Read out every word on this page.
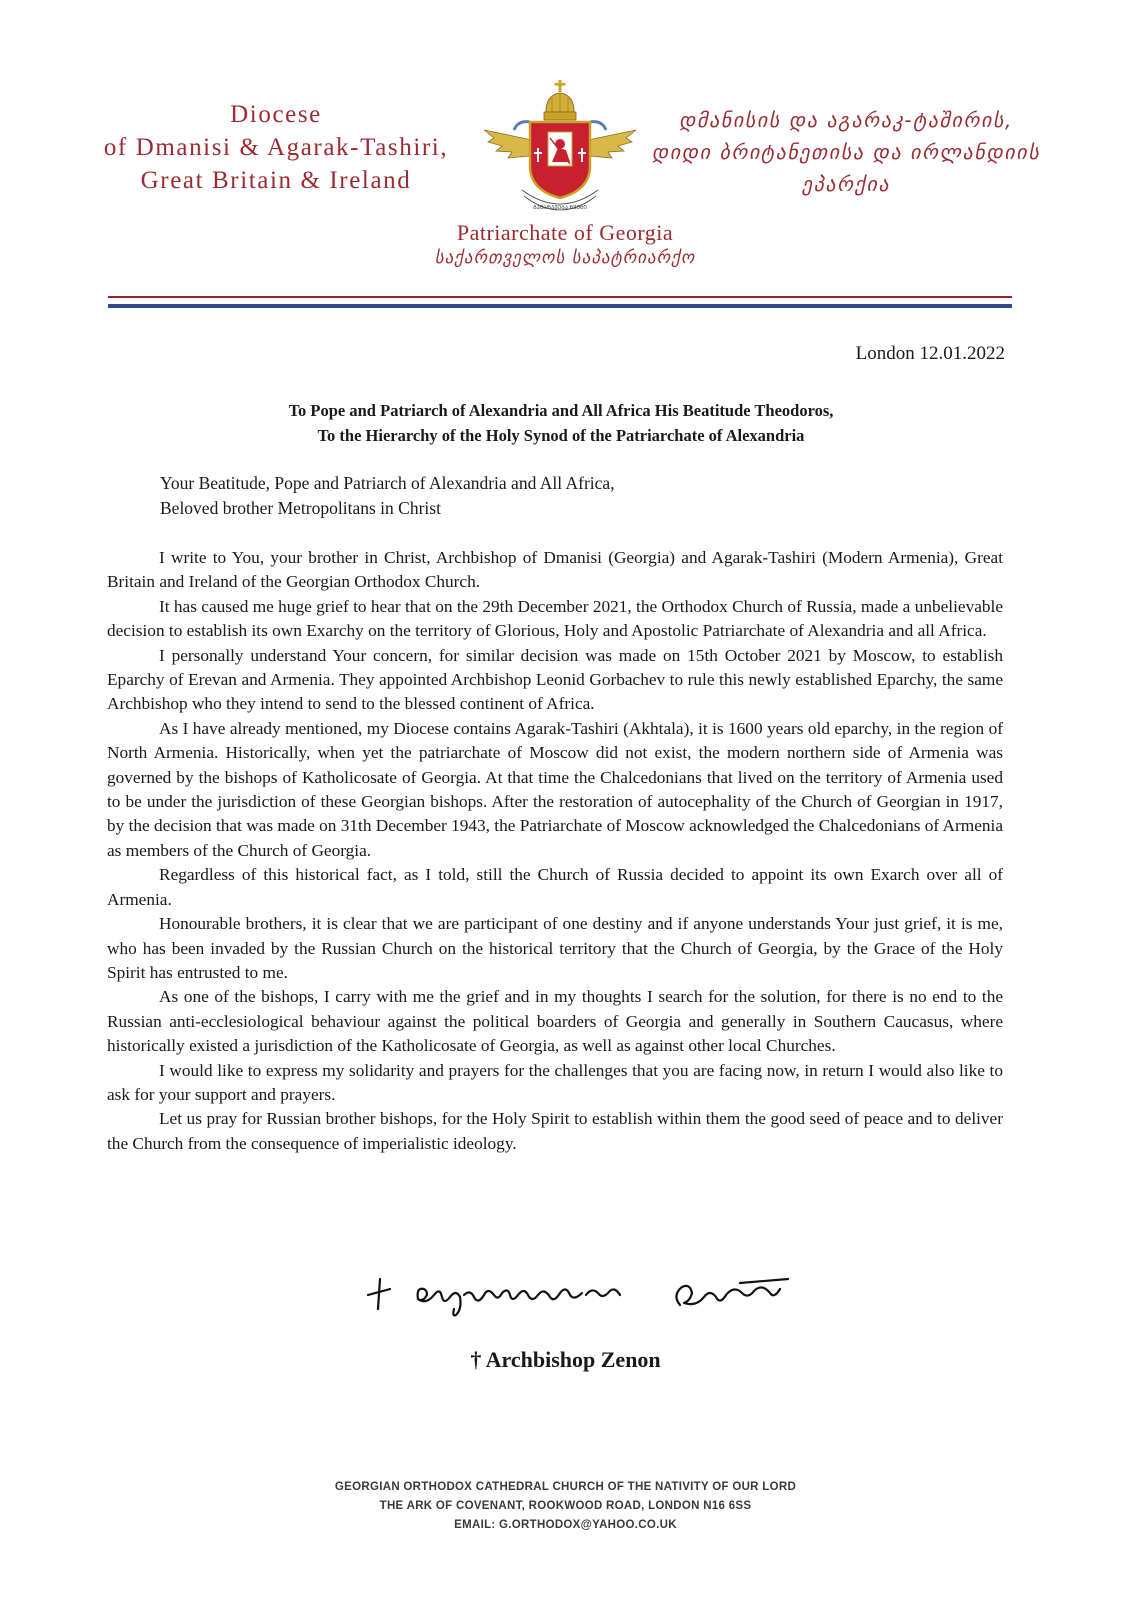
Diocese
of Dmanisi & Agarak-Tashiri,
Great Britain & Ireland
ᲒᲐᲛᲐᲠᲯᲕᲔᲑᲐ ᲩᲕᲔᲜᲘ
დმანისის და აგარაკ-ტაშირის,
დიდი ბრიტანეთისა და ირლანდიის
ეპარქია
Patriarchate of Georgia
საქართველოს საპატრიარქო
London 12.01.2022
To Pope and Patriarch of Alexandria and All Africa His Beatitude Theodoros,
To the Hierarchy of the Holy Synod of the Patriarchate of Alexandria
Your Beatitude, Pope and Patriarch of Alexandria and All Africa,
Beloved brother Metropolitans in Christ

I write to You, your brother in Christ, Archbishop of Dmanisi (Georgia) and Agarak-Tashiri (Modern Armenia), Great Britain and Ireland of the Georgian Orthodox Church.

It has caused me huge grief to hear that on the 29th December 2021, the Orthodox Church of Russia, made a unbelievable decision to establish its own Exarchy on the territory of Glorious, Holy and Apostolic Patriarchate of Alexandria and all Africa.

I personally understand Your concern, for similar decision was made on 15th October 2021 by Moscow, to establish Eparchy of Erevan and Armenia. They appointed Archbishop Leonid Gorbachev to rule this newly established Eparchy, the same Archbishop who they intend to send to the blessed continent of Africa.

As I have already mentioned, my Diocese contains Agarak-Tashiri (Akhtala), it is 1600 years old eparchy, in the region of North Armenia. Historically, when yet the patriarchate of Moscow did not exist, the modern northern side of Armenia was governed by the bishops of Katholicosate of Georgia. At that time the Chalcedonians that lived on the territory of Armenia used to be under the jurisdiction of these Georgian bishops. After the restoration of autocephality of the Church of Georgian in 1917, by the decision that was made on 31th December 1943, the Patriarchate of Moscow acknowledged the Chalcedonians of Armenia as members of the Church of Georgia.

Regardless of this historical fact, as I told, still the Church of Russia decided to appoint its own Exarch over all of Armenia.

Honourable brothers, it is clear that we are participant of one destiny and if anyone understands Your just grief, it is me, who has been invaded by the Russian Church on the historical territory that the Church of Georgia, by the Grace of the Holy Spirit has entrusted to me.

As one of the bishops, I carry with me the grief and in my thoughts I search for the solution, for there is no end to the Russian anti-ecclesiological behaviour against the political boarders of Georgia and generally in Southern Caucasus, where historically existed a jurisdiction of the Katholicosate of Georgia, as well as against other local Churches.

I would like to express my solidarity and prayers for the challenges that you are facing now, in return I would also like to ask for your support and prayers.

Let us pray for Russian brother bishops, for the Holy Spirit to establish within them the good seed of peace and to deliver the Church from the consequence of imperialistic ideology.

† Archbishop Zenon
GEORGIAN ORTHODOX CATHEDRAL CHURCH OF THE NATIVITY OF OUR LORD
THE ARK OF COVENANT, ROOKWOOD ROAD, LONDON N16 6SS
EMAIL: G.ORTHODOX@YAHOO.CO.UK
